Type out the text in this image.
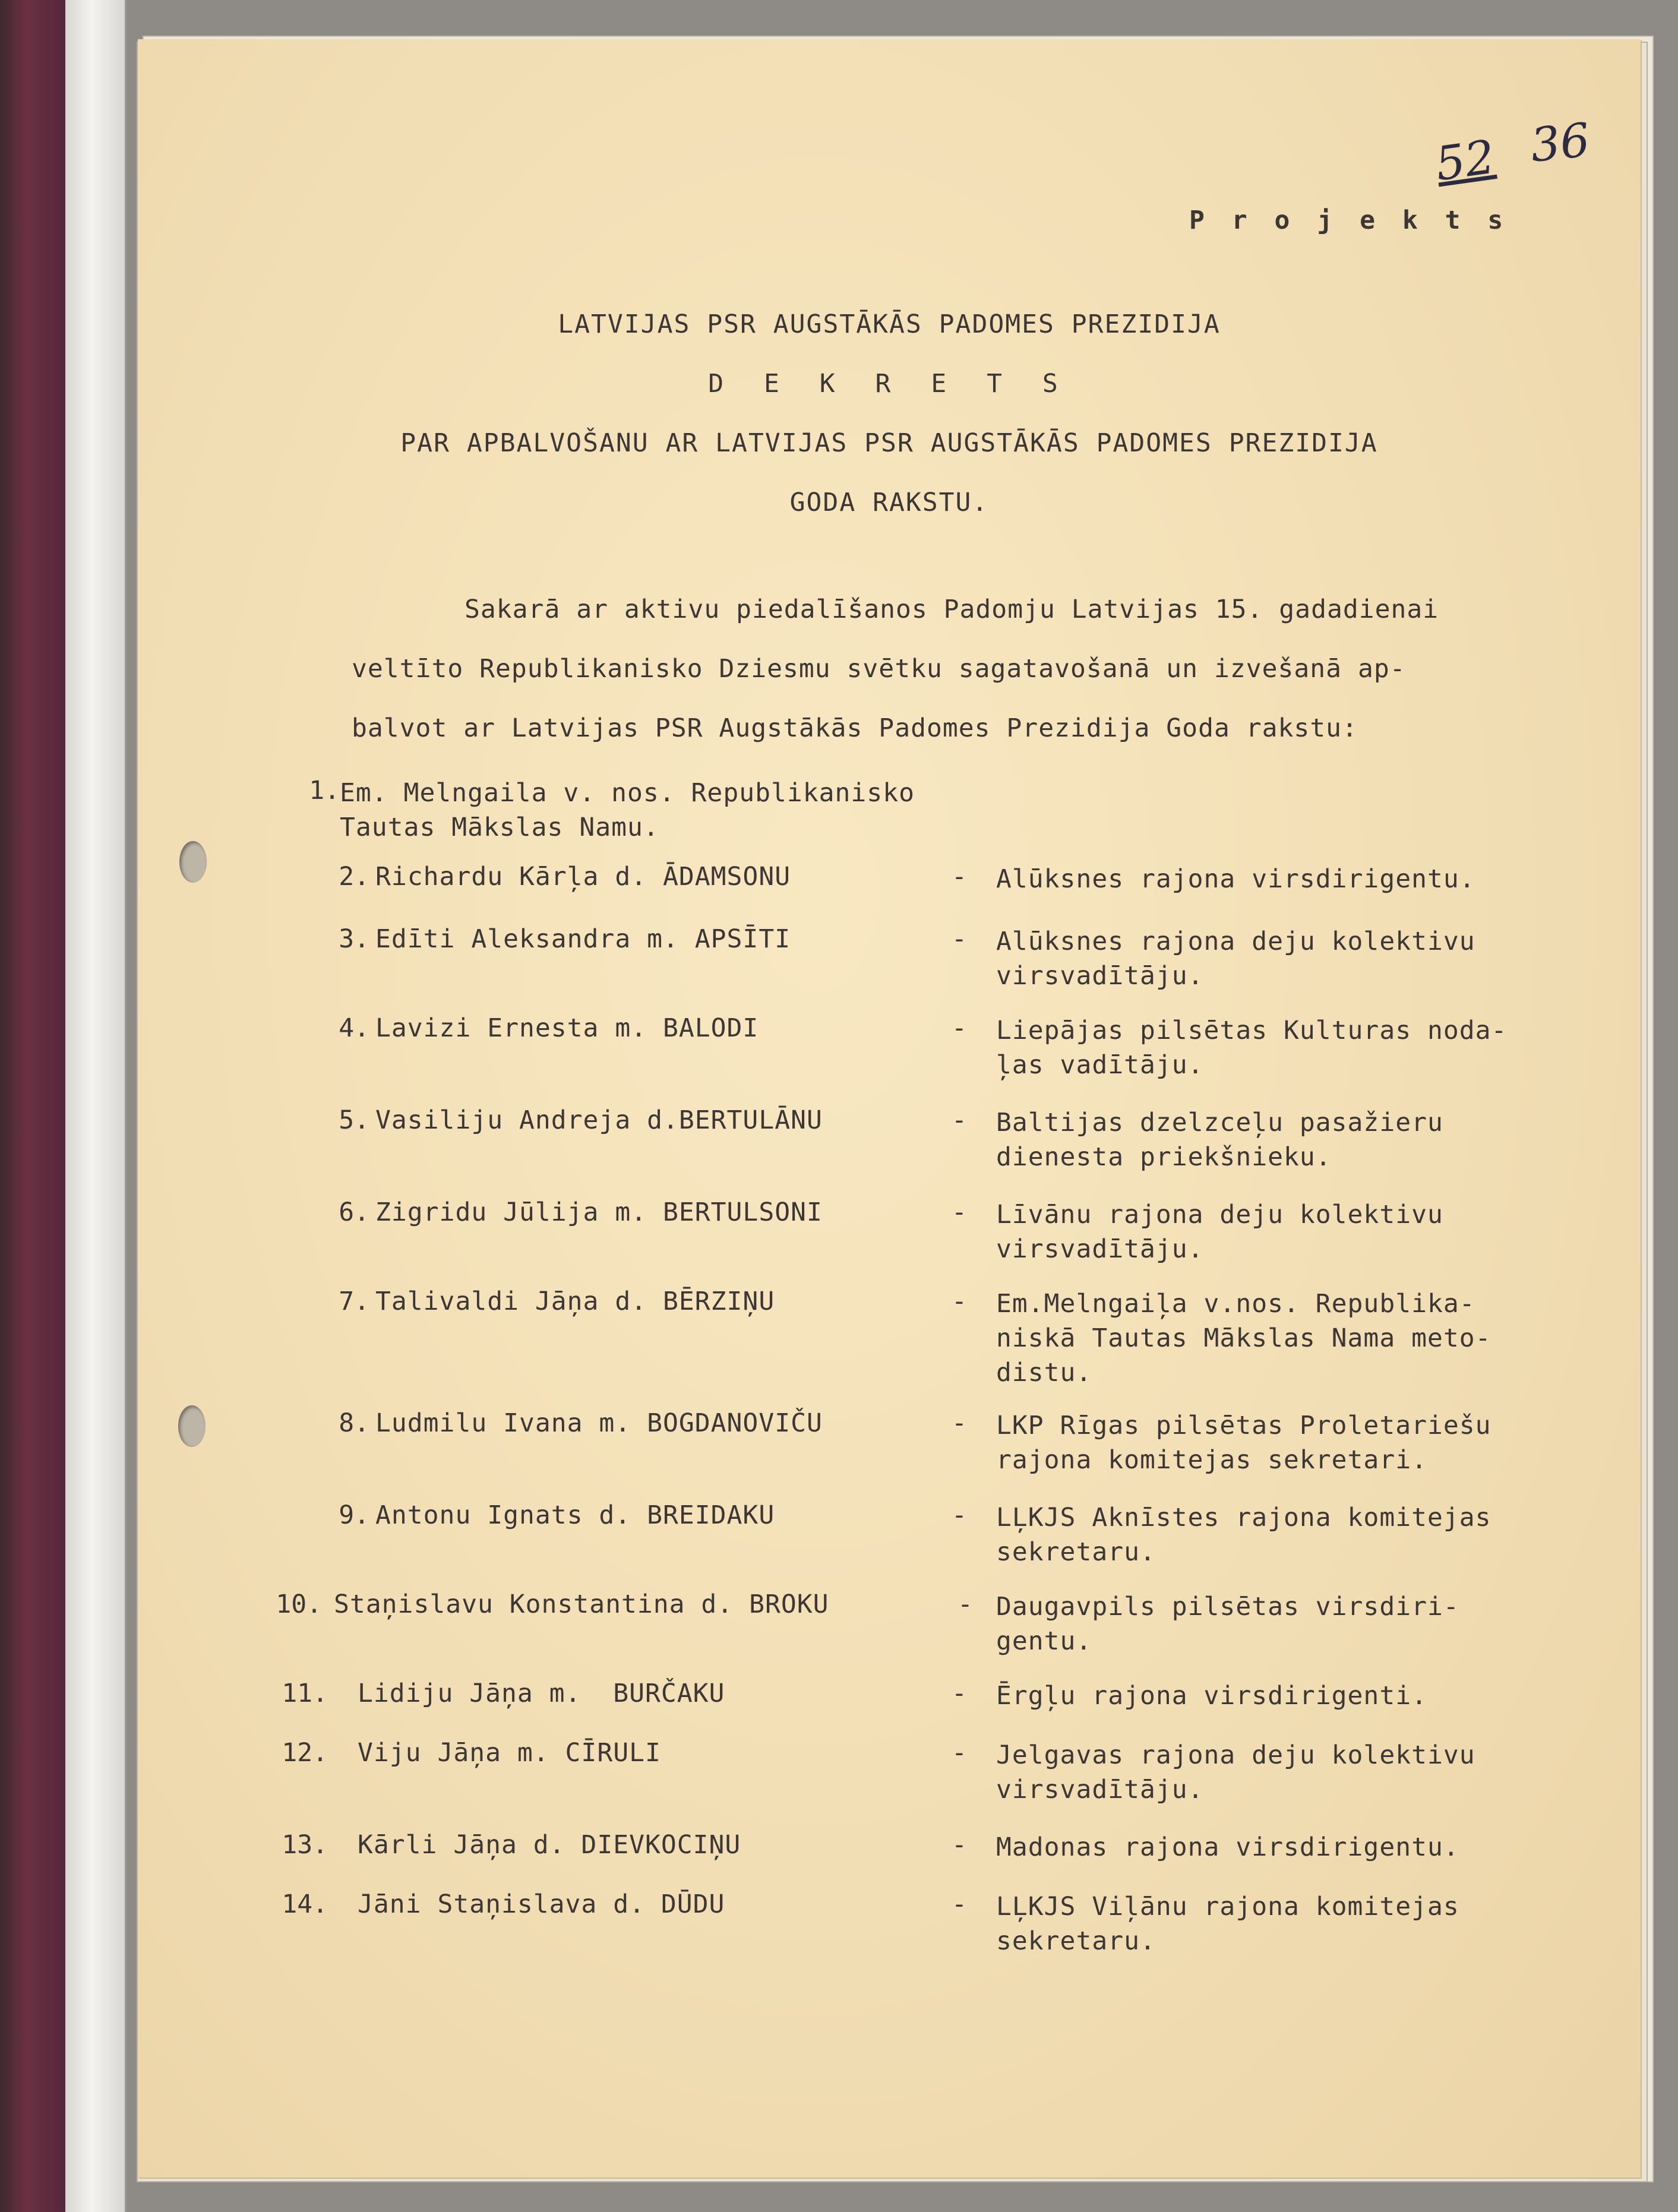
52 36
P r o j e k t s
LATVIJAS PSR AUGSTĀKĀS PADOMES PREZIDIJA
D E K R E T S
PAR APBALVOŠANU AR LATVIJAS PSR AUGSTĀKĀS PADOMES PREZIDIJA
GODA RAKSTU.
Sakarā ar aktivu piedalīšanos Padomju Latvijas 15. gadadienai
veltīto Republikanisko Dziesmu svētku sagatavošanā un izvešanā ap-
balvot ar Latvijas PSR Augstākās Padomes Prezidija Goda rakstu:
1. Em. Melngaila v. nos. Republikanisko
Tautas Mākslas Namu.
2. Richardu Kārļa d. ĀDAMSONU	- Alūksnes rajona virsdirigentu.
3. Edīti Aleksandra m. APSĪTI	- Alūksnes rajona deju kolektivu
virsvadītāju.
4. Lavizi Ernesta m. BALODI	- Liepājas pilsētas Kulturas noda-
ļas vadītāju.
5. Vasiliju Andreja d.BERTULĀNU	- Baltijas dzelzceļu pasažieru
dienesta priekšnieku.
6. Zigridu Jūlija m. BERTULSONI	- Līvānu rajona deju kolektivu
virsvadītāju.
7. Talivaldi Jāņa d. BĒRZIŅU	- Em.Melngaiļa v.nos. Republika-
niskā Tautas Mākslas Nama meto-
distu.
8. Ludmilu Ivana m. BOGDANOVIČU	- LKP Rīgas pilsētas Proletariešu
rajona komitejas sekretari.
9. Antonu Ignats d. BREIDAKU	- LĻKJS Aknīstes rajona komitejas
sekretaru.
10. Staņislavu Konstantina d. BROKU	- Daugavpils pilsētas virsdiri-
gentu.
11. Lidiju Jāņa m.  BURČAKU	- Ērgļu rajona virsdirigenti.
12. Viju Jāņa m. CĪRULI	- Jelgavas rajona deju kolektivu
virsvadītāju.
13. Kārli Jāņa d. DIEVKOCIŅU	- Madonas rajona virsdirigentu.
14. Jāni Staņislava d. DŪDU	- LĻKJS Viļānu rajona komitejas
sekretaru.
